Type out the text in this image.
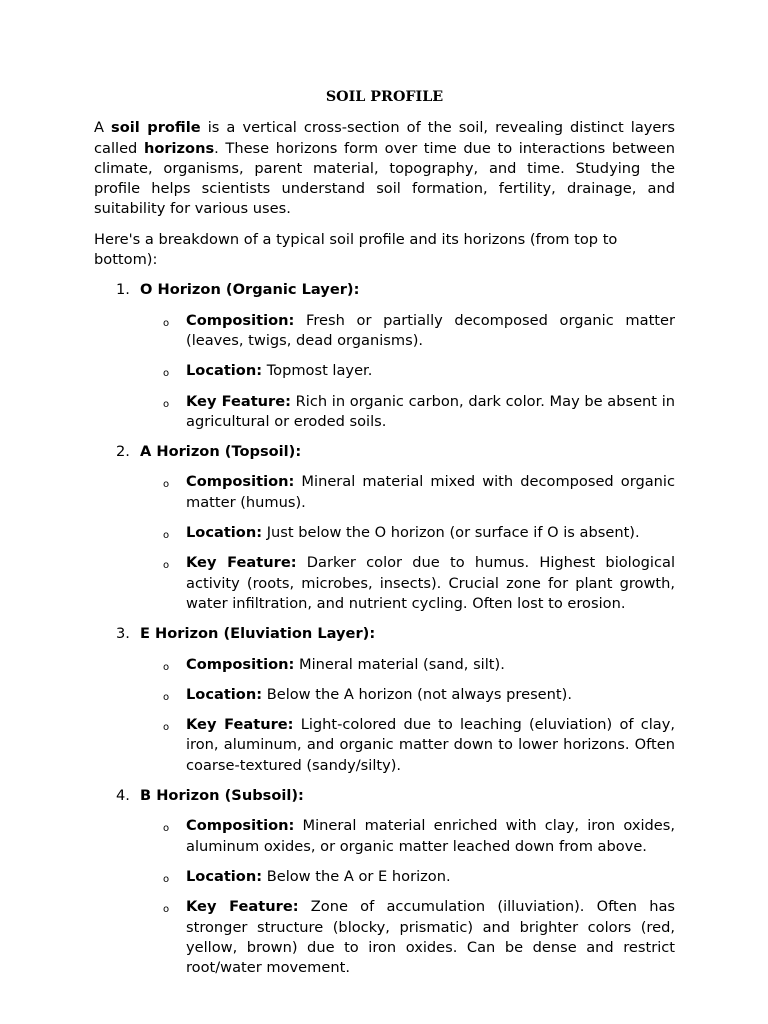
SOIL PROFILE

A soil profile is a vertical cross-section of the soil, revealing distinct layers called horizons. These horizons form over time due to interactions between climate, organisms, parent material, topography, and time. Studying the profile helps scientists understand soil formation, fertility, drainage, and suitability for various uses.

Here's a breakdown of a typical soil profile and its horizons (from top to bottom):

1. O Horizon (Organic Layer):
o Composition: Fresh or partially decomposed organic matter (leaves, twigs, dead organisms).
o Location: Topmost layer.
o Key Feature: Rich in organic carbon, dark color. May be absent in agricultural or eroded soils.
2. A Horizon (Topsoil):
o Composition: Mineral material mixed with decomposed organic matter (humus).
o Location: Just below the O horizon (or surface if O is absent).
o Key Feature: Darker color due to humus. Highest biological activity (roots, microbes, insects). Crucial zone for plant growth, water infiltration, and nutrient cycling. Often lost to erosion.
3. E Horizon (Eluviation Layer):
o Composition: Mineral material (sand, silt).
o Location: Below the A horizon (not always present).
o Key Feature: Light-colored due to leaching (eluviation) of clay, iron, aluminum, and organic matter down to lower horizons. Often coarse-textured (sandy/silty).
4. B Horizon (Subsoil):
o Composition: Mineral material enriched with clay, iron oxides, aluminum oxides, or organic matter leached down from above.
o Location: Below the A or E horizon.
o Key Feature: Zone of accumulation (illuviation). Often has stronger structure (blocky, prismatic) and brighter colors (red, yellow, brown) due to iron oxides. Can be dense and restrict root/water movement.
